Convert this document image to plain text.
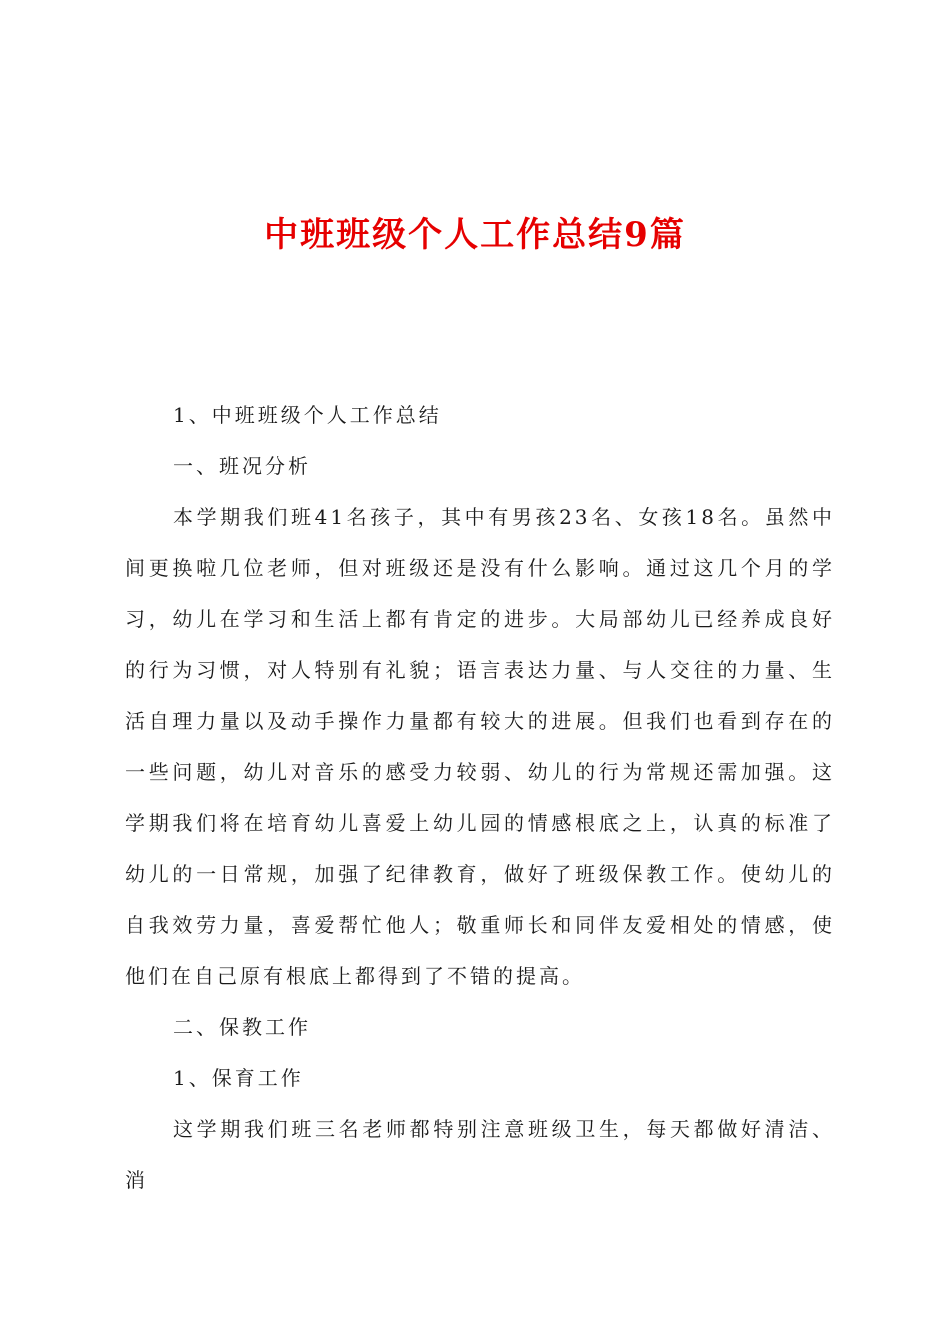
中班班级个人工作总结9篇

1、中班班级个人工作总结

一、班况分析

本学期我们班41名孩子，其中有男孩23名、女孩18名。虽然中间更换啦几位老师，但对班级还是没有什么影响。通过这几个月的学习，幼儿在学习和生活上都有肯定的进步。大局部幼儿已经养成良好的行为习惯，对人特别有礼貌；语言表达力量、与人交往的力量、生活自理力量以及动手操作力量都有较大的进展。但我们也看到存在的一些问题，幼儿对音乐的感受力较弱、幼儿的行为常规还需加强。这学期我们将在培育幼儿喜爱上幼儿园的情感根底之上，认真的标准了幼儿的一日常规，加强了纪律教育，做好了班级保教工作。使幼儿的自我效劳力量，喜爱帮忙他人；敬重师长和同伴友爱相处的情感，使他们在自己原有根底上都得到了不错的提高。

二、保教工作

1、保育工作

这学期我们班三名老师都特别注意班级卫生，每天都做好清洁、消
